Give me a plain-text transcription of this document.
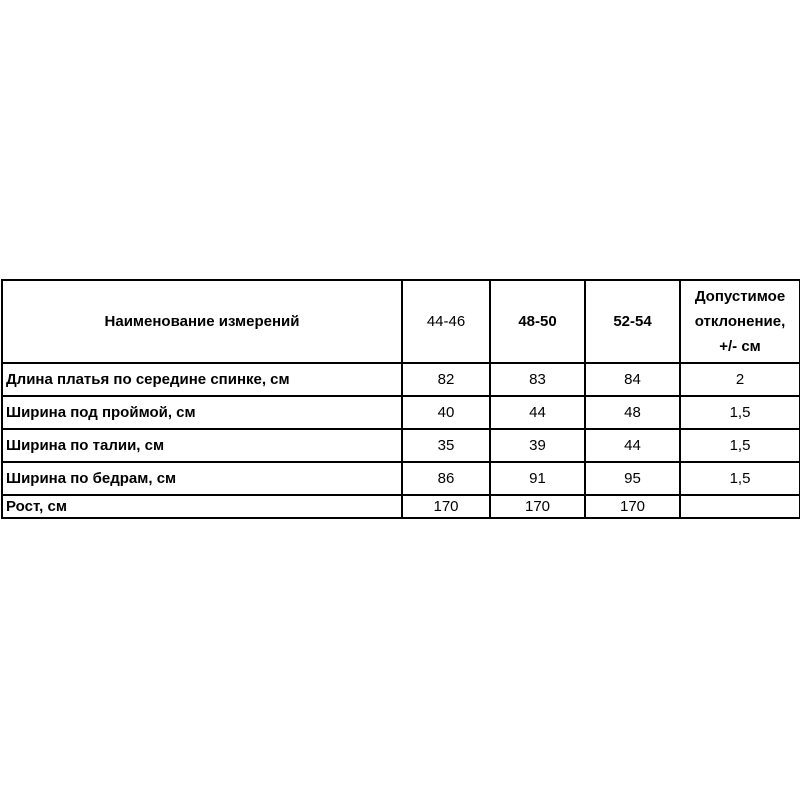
Наименование измерений	44-46	48-50	52-54	Допустимое
отклонение,
+/- см
Длина платья по середине спинке, см	82	83	84	2
Ширина под проймой, см	40	44	48	1,5
Ширина по талии, см	35	39	44	1,5
Ширина по бедрам, см	86	91	95	1,5
Рост, см	170	170	170	
